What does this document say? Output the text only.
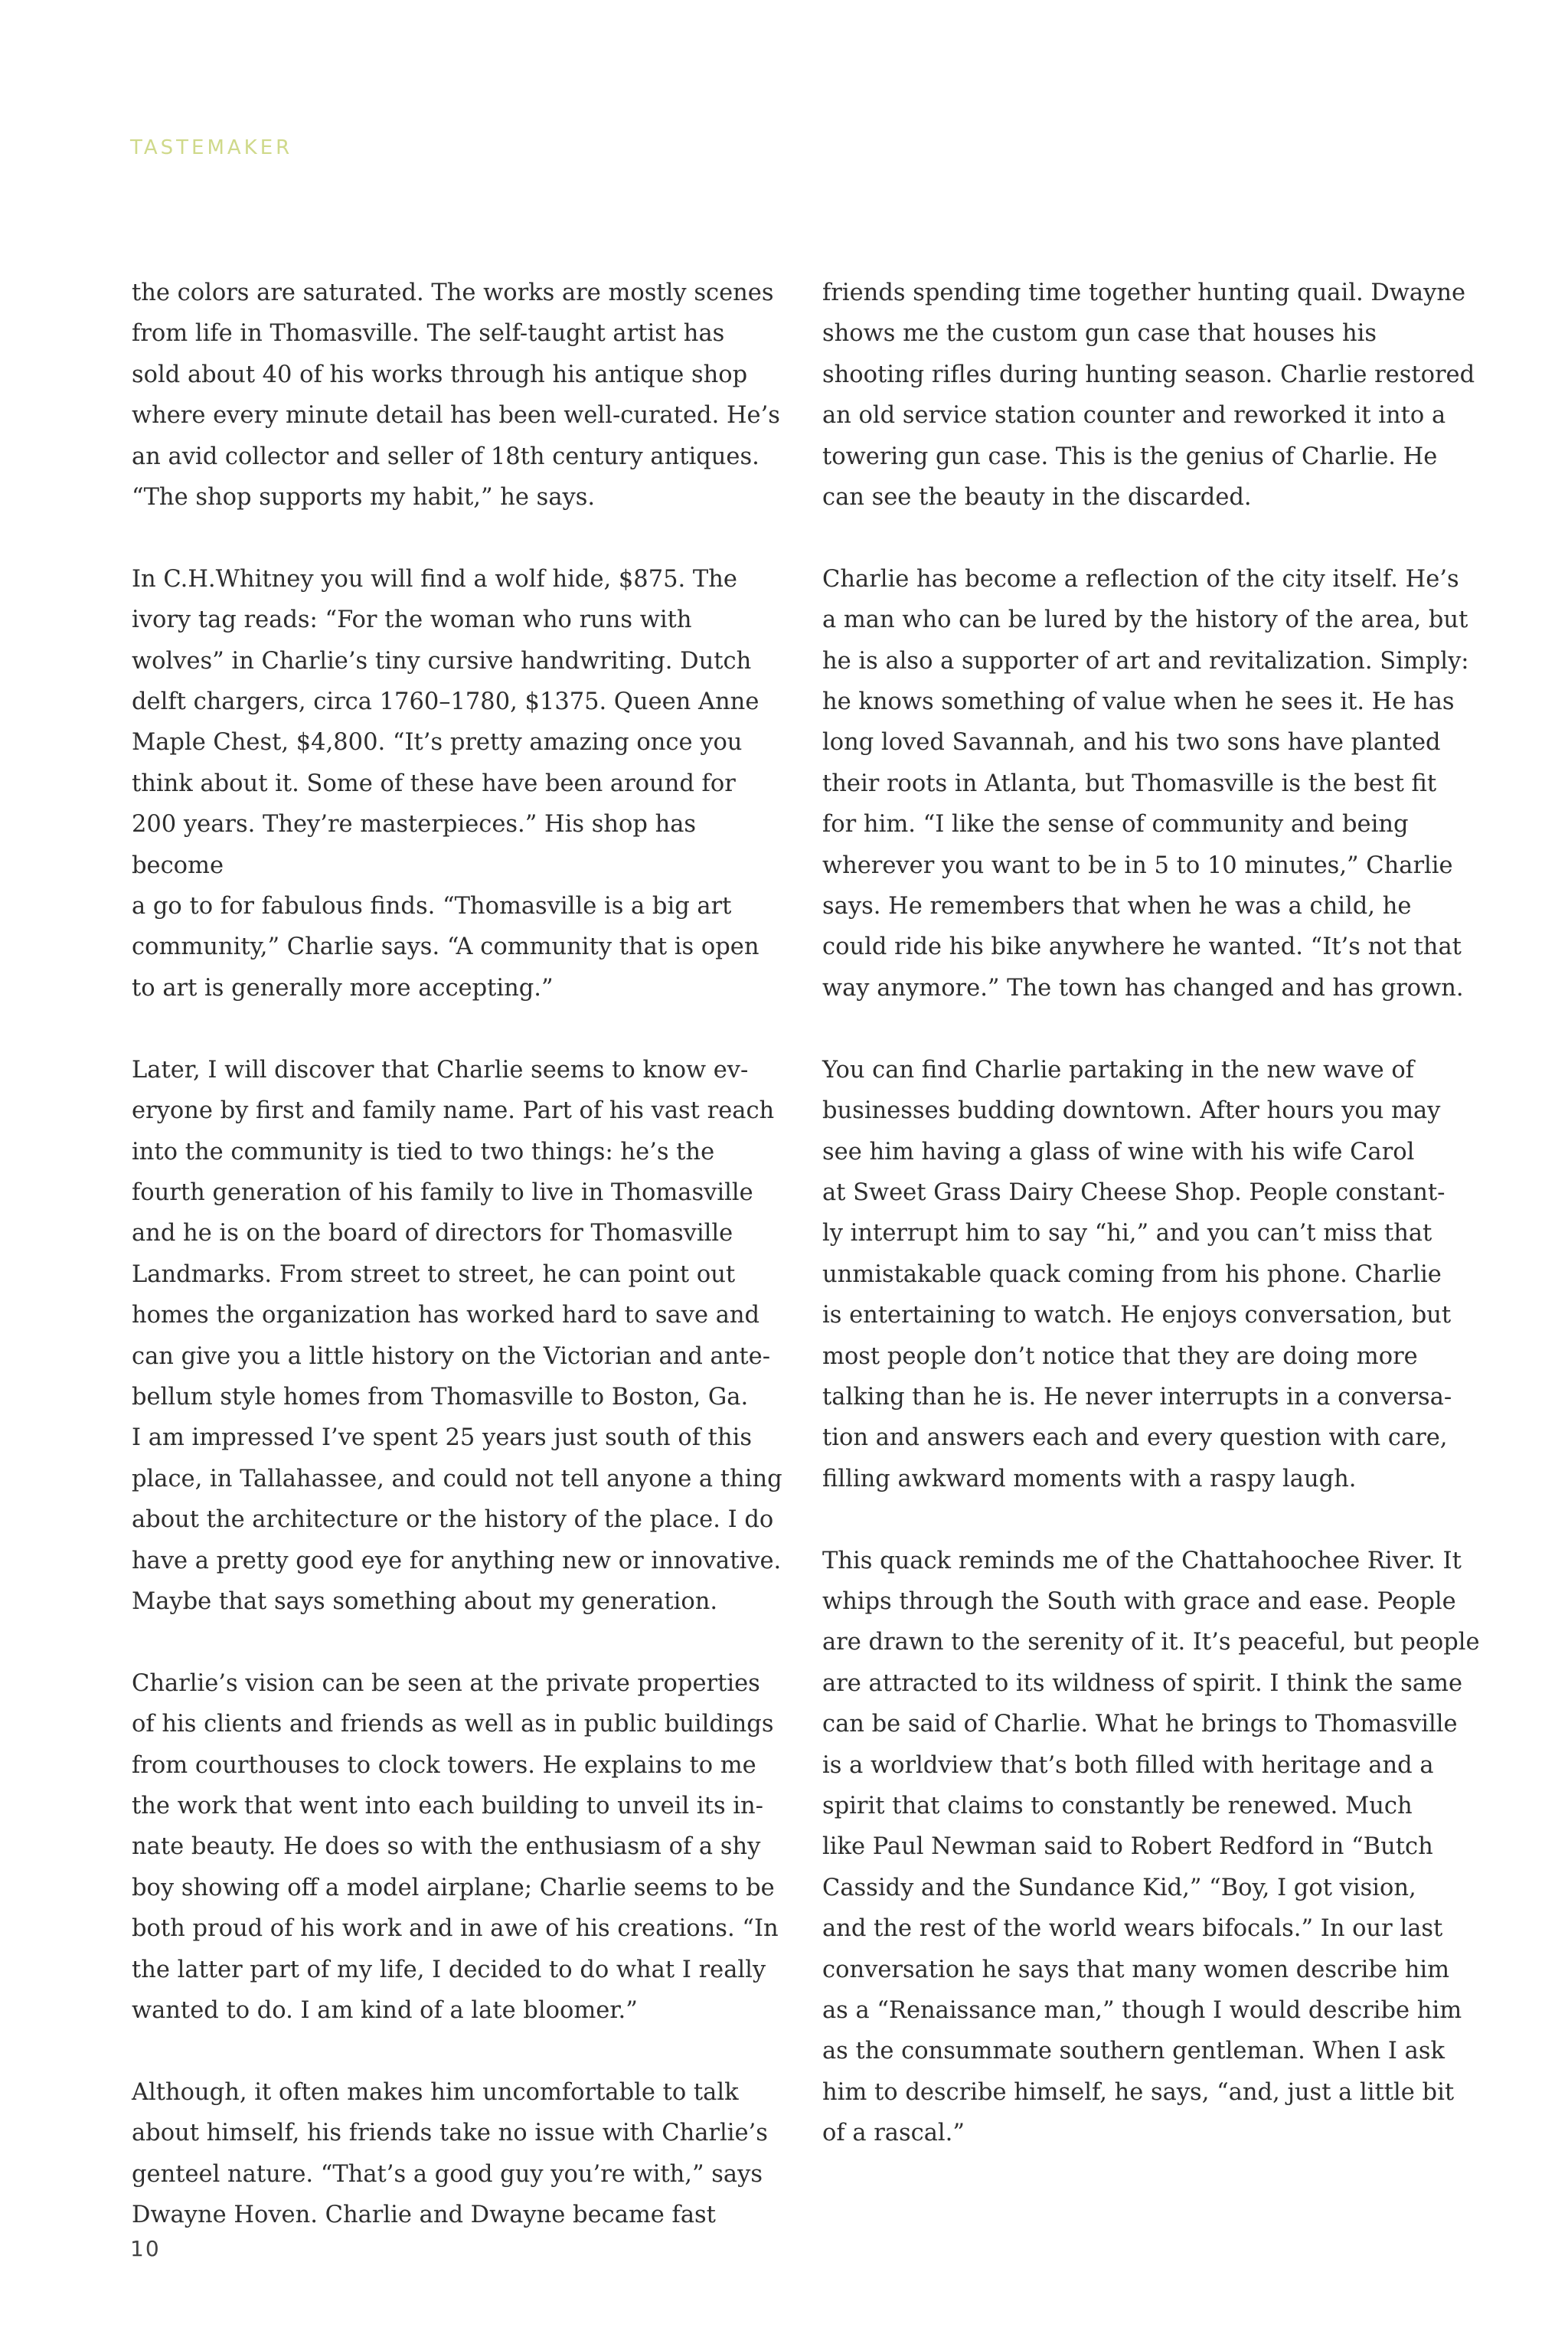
TASTEMAKER

the colors are saturated. The works are mostly scenes
from life in Thomasville. The self-taught artist has
sold about 40 of his works through his antique shop
where every minute detail has been well-curated. He’s
an avid collector and seller of 18th century antiques.
“The shop supports my habit,” he says.

In C.H.Whitney you will find a wolf hide, $875. The
ivory tag reads: “For the woman who runs with
wolves” in Charlie’s tiny cursive handwriting. Dutch
delft chargers, circa 1760–1780, $1375. Queen Anne
Maple Chest, $4,800. “It’s pretty amazing once you
think about it. Some of these have been around for
200 years. They’re masterpieces.” His shop has become
a go to for fabulous finds. “Thomasville is a big art
community,” Charlie says. “A community that is open
to art is generally more accepting.”

Later, I will discover that Charlie seems to know ev-
eryone by first and family name. Part of his vast reach
into the community is tied to two things: he’s the
fourth generation of his family to live in Thomasville
and he is on the board of directors for Thomasville
Landmarks. From street to street, he can point out
homes the organization has worked hard to save and
can give you a little history on the Victorian and ante-
bellum style homes from Thomasville to Boston, Ga.
I am impressed I’ve spent 25 years just south of this
place, in Tallahassee, and could not tell anyone a thing
about the architecture or the history of the place. I do
have a pretty good eye for anything new or innovative.
Maybe that says something about my generation.

Charlie’s vision can be seen at the private properties
of his clients and friends as well as in public buildings
from courthouses to clock towers. He explains to me
the work that went into each building to unveil its in-
nate beauty. He does so with the enthusiasm of a shy
boy showing off a model airplane; Charlie seems to be
both proud of his work and in awe of his creations. “In
the latter part of my life, I decided to do what I really
wanted to do. I am kind of a late bloomer.”

Although, it often makes him uncomfortable to talk
about himself, his friends take no issue with Charlie’s
genteel nature. “That’s a good guy you’re with,” says
Dwayne Hoven. Charlie and Dwayne became fast

friends spending time together hunting quail. Dwayne
shows me the custom gun case that houses his
shooting rifles during hunting season. Charlie restored
an old service station counter and reworked it into a
towering gun case. This is the genius of Charlie. He
can see the beauty in the discarded.

Charlie has become a reflection of the city itself. He’s
a man who can be lured by the history of the area, but
he is also a supporter of art and revitalization. Simply:
he knows something of value when he sees it. He has
long loved Savannah, and his two sons have planted
their roots in Atlanta, but Thomasville is the best fit
for him. “I like the sense of community and being
wherever you want to be in 5 to 10 minutes,” Charlie
says. He remembers that when he was a child, he
could ride his bike anywhere he wanted. “It’s not that
way anymore.” The town has changed and has grown.

You can find Charlie partaking in the new wave of
businesses budding downtown. After hours you may
see him having a glass of wine with his wife Carol
at Sweet Grass Dairy Cheese Shop. People constant-
ly interrupt him to say “hi,” and you can’t miss that
unmistakable quack coming from his phone. Charlie
is entertaining to watch. He enjoys conversation, but
most people don’t notice that they are doing more
talking than he is. He never interrupts in a conversa-
tion and answers each and every question with care,
filling awkward moments with a raspy laugh.

This quack reminds me of the Chattahoochee River. It
whips through the South with grace and ease. People
are drawn to the serenity of it. It’s peaceful, but people
are attracted to its wildness of spirit. I think the same
can be said of Charlie. What he brings to Thomasville
is a worldview that’s both filled with heritage and a
spirit that claims to constantly be renewed. Much
like Paul Newman said to Robert Redford in “Butch
Cassidy and the Sundance Kid,” “Boy, I got vision,
and the rest of the world wears bifocals.” In our last
conversation he says that many women describe him
as a “Renaissance man,” though I would describe him
as the consummate southern gentleman. When I ask
him to describe himself, he says, “and, just a little bit
of a rascal.”

10
